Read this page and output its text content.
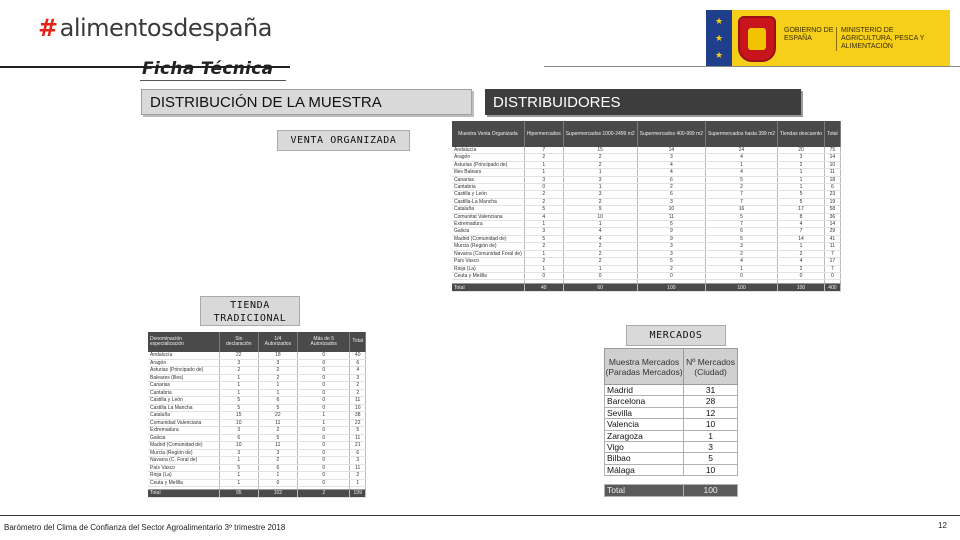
#alimentosdespaña	★
★
★
GOBIERNO DE ESPAÑA
MINISTERIO DE AGRICULTURA, PESCA Y ALIMENTACIÓN
Ficha Técnica
DISTRIBUCIÓN DE LA MUESTRA	DISTRIBUIDORES
VENTA ORGANIZADA
TIENDA TRADICIONAL
MERCADOS
Muestra Venta Organizada	Hipermercados	Supermercados 1000-2499 m2	Supermercados 400-999 m2	Supermercados hasta 399 m2	Tiendas descuento	Total
Andalucía	7	15	14	24	20	75
Aragón	2	2	3	4	3	14
Asturias (Principado de)	1	2	4	1	2	10
Illes Balears	1	1	4	4	1	11
Canarias	3	3	6	5	1	18
Cantabria	0	1	2	2	1	6
Castilla y León	2	3	6	7	5	23
Castilla-La Mancha	2	2	3	7	5	19
Cataluña	5	9	10	16	17	58
Comunitat Valenciana	4	10	11	5	8	36
Extremadura	1	1	5	7	4	14
Galicia	3	4	9	6	7	29
Madrid (Comunidad de)	5	4	9	5	14	41
Murcia (Región de)	2	2	3	3	1	11
Navarra (Comunidad Foral de)	1	2	3	2	2	7
País Vasco	2	2	5	4	4	17
Rioja (La)	1	1	2	1	2	7
Ceuta y Melilla	0	0	0	0	0	0

Total	40	60	100	100	100	400
Denominación especialización	Sin declaración	1/4 Autorizados	Más de 5 Autorizados	Total
Andalucía	22	18	0	40
Aragón	3	3	0	6
Asturias (Principado de)	2	2	0	4
Baleares (Illes)	1	2	0	3
Canarias	1	1	0	2
Cantabria	1	1	0	2
Castilla y León	5	6	0	11
Castilla La Mancha	5	5	0	10
Cataluña	15	22	1	38
Comunidad Valenciana	10	11	1	22
Extremadura	3	2	0	5
Galicia	6	5	0	11
Madrid (Comunidad de)	10	11	0	21
Murcia (Región de)	3	3	0	6
Navarra (C. Foral de)	1	2	0	3
País Vasco	5	6	0	11
Rioja (La)	1	1	0	2
Ceuta y Melilla	1	0	0	1

Total	95	102	2	199
Muestra Mercados (Paradas Mercados)	Nº Mercados (Ciudad)
Madrid	31
Barcelona	28
Sevilla	12
Valencia	10
Zaragoza	1
Vigo	3
Bilbao	5
Málaga	10

Total	100
Barómetro del Clima de Confianza del Sector Agroalimentario 3º trimestre 2018	12
